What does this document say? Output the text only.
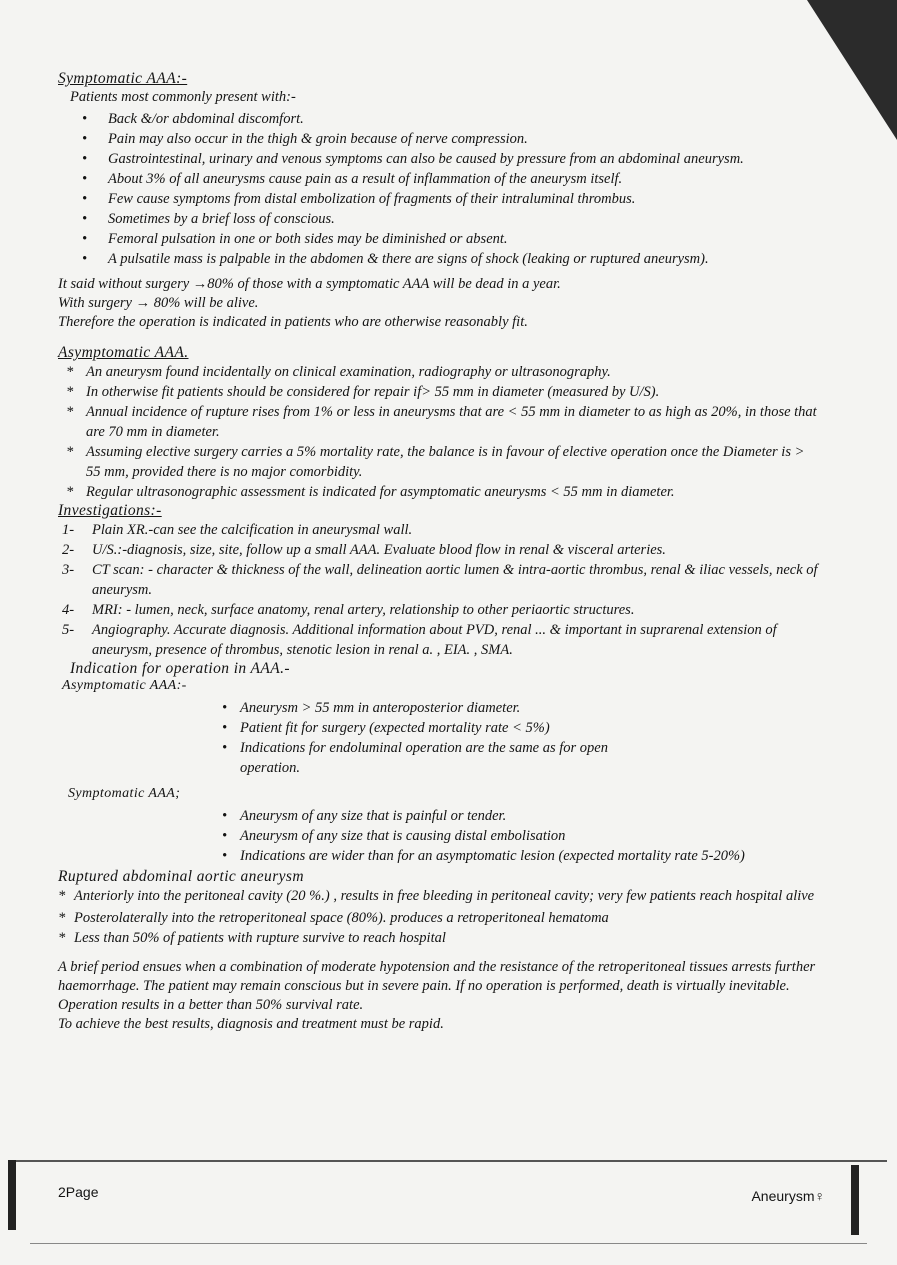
Symptomatic AAA:-
Patients most commonly present with:-
• Back &/or abdominal discomfort.
• Pain may also occur in the thigh & groin because of nerve compression.
• Gastrointestinal, urinary and venous symptoms can also be caused by pressure from an abdominal aneurysm.
• About 3% of all aneurysms cause pain as a result of inflammation of the aneurysm itself.
• Few cause symptoms from distal embolization of fragments of their intraluminal thrombus.
• Sometimes by a brief loss of conscious.
• Femoral pulsation in one or both sides may be diminished or absent.
• A pulsatile mass is palpable in the abdomen & there are signs of shock (leaking or ruptured aneurysm).
It said without surgery →80% of those with a symptomatic AAA will be dead in a year.
With surgery → 80% will be alive.
Therefore the operation is indicated in patients who are otherwise reasonably fit.
Asymptomatic AAA.
* An aneurysm found incidentally on clinical examination, radiography or ultrasonography.
* In otherwise fit patients should be considered for repair if> 55 mm in diameter (measured by U/S).
* Annual incidence of rupture rises from 1% or less in aneurysms that are < 55 mm in diameter to as high as 20%, in those that are 70 mm in diameter.
* Assuming elective surgery carries a 5% mortality rate, the balance is in favour of elective operation once the Diameter is > 55 mm, provided there is no major comorbidity.
* Regular ultrasonographic assessment is indicated for asymptomatic aneurysms < 55 mm in diameter.
Investigations:-
1- Plain XR.-can see the calcification in aneurysmal wall.
2- U/S.:-diagnosis, size, site, follow up a small AAA. Evaluate blood flow in renal & visceral arteries.
3- CT scan: - character & thickness of the wall, delineation aortic lumen & intra-aortic thrombus, renal & iliac vessels, neck of aneurysm.
4- MRI: - lumen, neck, surface anatomy, renal artery, relationship to other periaortic structures.
5- Angiography. Accurate diagnosis. Additional information about PVD, renal ... & important in suprarenal extension of aneurysm, presence of thrombus, stenotic lesion in renal a. , EIA. , SMA.
Indication for operation in AAA.-
Asymptomatic AAA:-
• Aneurysm > 55 mm in anteroposterior diameter.
• Patient fit for surgery (expected mortality rate < 5%)
• Indications for endoluminal operation are the same as for open operation.
Symptomatic AAA;
• Aneurysm of any size that is painful or tender.
• Aneurysm of any size that is causing distal embolisation
• Indications are wider than for an asymptomatic lesion (expected mortality rate 5-20%)
Ruptured abdominal aortic aneurysm
* Anteriorly into the peritoneal cavity (20 %.) , results in free bleeding in peritoneal cavity; very few patients reach hospital alive
* Posterolaterally into the retroperitoneal space (80%). produces a retroperitoneal hematoma
* Less than 50% of patients with rupture survive to reach hospital
A brief period ensues when a combination of moderate hypotension and the resistance of the retroperitoneal tissues arrests further haemorrhage. The patient may remain conscious but in severe pain. If no operation is performed, death is virtually inevitable. Operation results in a better than 50% survival rate.
To achieve the best results, diagnosis and treatment must be rapid.
2Page	Aneurysm♀
